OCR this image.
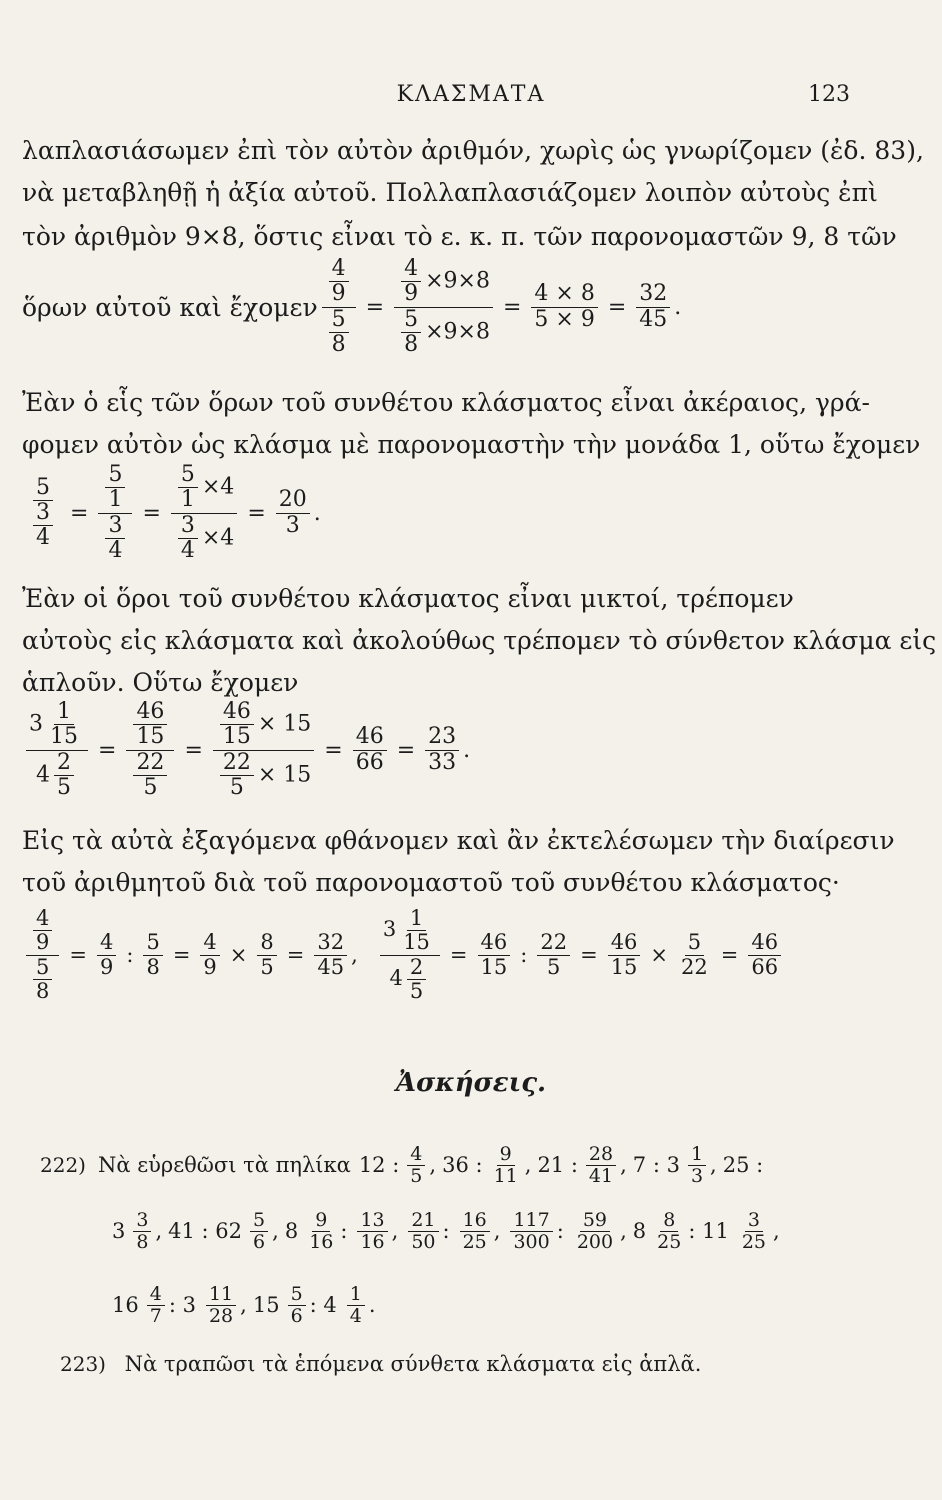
ΚΛΑΣΜΑΤΑ	123
λαπλασιάσωμεν ἐπὶ τὸν αὐτὸν ἀριθμόν, χωρὶς ὡς γνωρίζομεν (ἐδ. 83),
νὰ μεταβληθῇ ἡ ἀξία αὐτοῦ. Πολλαπλασιάζομεν λοιπὸν αὐτοὺς ἐπὶ
τὸν ἀριθμὸν 9×8, ὅστις εἶναι τὸ ε. κ. π. τῶν παρονομαστῶν 9, 8 τῶν
ὅρων αὐτοῦ καὶ ἔχομεν $\frac{\frac{4}{9}}{\frac{5}{8}} = \frac{\frac{4}{9} \times 9\times 8}{\frac{5}{8} \times 9\times 8} = \frac{4 \times 8}{5 \times 9} = \frac{32}{45}$ .
Ἐὰν ὁ εἷς τῶν ὅρων τοῦ συνθέτου κλάσματος εἶναι ἀκέραιος, γρά-
φομεν αὐτὸν ὡς κλάσμα μὲ παρονομαστὴν τὴν μονάδα 1, οὕτω ἔχομεν
$\frac{5}{\frac{3}{4}} = \frac{\frac{5}{1}}{\frac{3}{4}} = \frac{\frac{5}{1} \times 4}{\frac{3}{4} \times 4} = \frac{20}{3}$ .
Ἐὰν οἱ ὅροι τοῦ συνθέτου κλάσματος εἶναι μικτοί, τρέπομεν
αὐτοὺς εἰς κλάσματα καὶ ἀκολούθως τρέπομεν τὸ σύνθετον κλάσμα εἰς
ἁπλοῦν. Οὕτω ἔχομεν
$\frac{3 \frac{1}{15}}{4 \frac{2}{5}} = \frac{\frac{46}{15}}{\frac{22}{5}} = \frac{\frac{46}{15} \times 15}{\frac{22}{5} \times 15} = \frac{46}{66} = \frac{23}{33}$ .
Εἰς τὰ αὐτὰ ἐξαγόμενα φθάνομεν καὶ ἂν ἐκτελέσωμεν τὴν διαίρεσιν
τοῦ ἀριθμητοῦ διὰ τοῦ παρονομαστοῦ τοῦ συνθέτου κλάσματος·
$\frac{\frac{4}{9}}{\frac{5}{8}} = \frac{4}{9}$ : $\frac{5}{8} = \frac{4}{9} \times \frac{8}{5} = \frac{32}{45}$ , $\frac{3 \frac{1}{15}}{4 \frac{2}{5}} = \frac{46}{15}$ : $\frac{22}{5} = \frac{46}{15} \times \frac{5}{22} = \frac{46}{66}$
Ἀσκήσεις.
222) Νὰ εὑρεθῶσι τὰ πηλίκα 12 : $\frac{4}{5}$ , 36 : $\frac{9}{11}$ , 21 : $\frac{28}{41}$ , 7 : $3 \frac{1}{3}$ , 25 :
$3 \frac{3}{8}$ , 41 : $62 \frac{5}{6}$ , $8 \frac{9}{16}$ : $\frac{13}{16}$ , $\frac{21}{50}$ : $\frac{16}{25}$ , $\frac{117}{300}$ : $\frac{59}{200}$ , $8 \frac{8}{25}$ : $11 \frac{3}{25}$ ,
$16 \frac{4}{7}$ : $3 \frac{11}{28}$ , $15 \frac{5}{6}$ : $4 \frac{1}{4}$ .
223) Νὰ τραπῶσι τὰ ἑπόμενα σύνθετα κλάσματα εἰς ἁπλᾶ.
